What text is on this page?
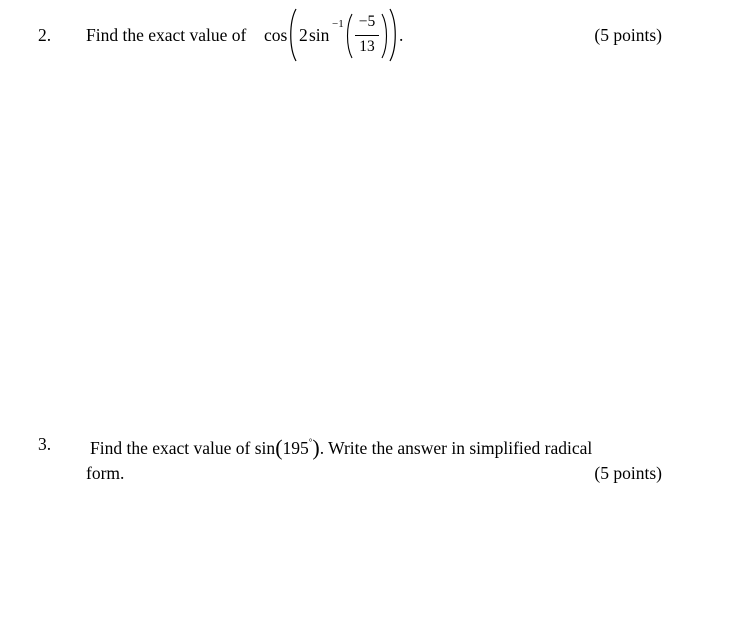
2. Find the exact value of cos 2 sin
−1 −5
13
.	(5 points)
3. Find the exact value of sin(195°). Write the answer in simplified radical
form.	(5 points)
